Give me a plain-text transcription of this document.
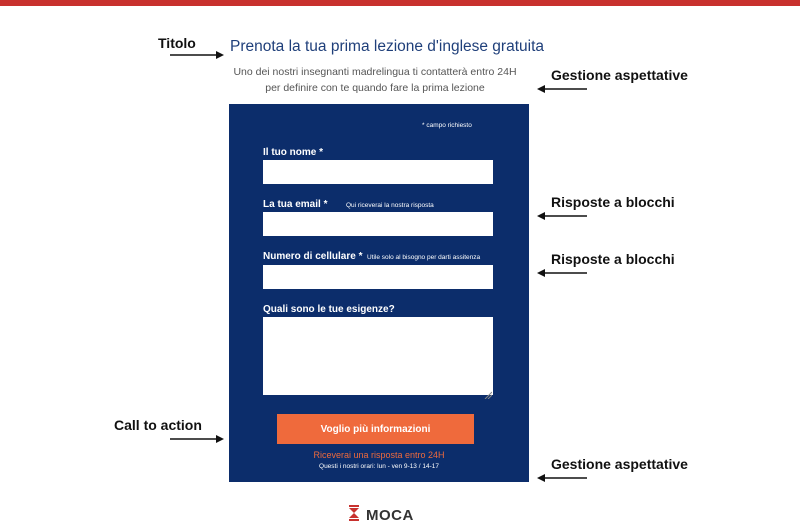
Titolo
Call to action
Gestione aspettative
Risposte a blocchi
Risposte a blocchi
Gestione aspettative
Prenota la tua prima lezione d'inglese gratuita
Uno dei nostri insegnanti madrelingua ti contatterà entro 24H per definire con te quando fare la prima lezione
* campo richiesto
Il tuo nome *
La tua email *	Qui riceverai la nostra risposta
Numero di cellulare * Utile solo al bisogno per darti assitenza
Quali sono le tue esigenze?
Voglio più informazioni
Riceverai una risposta entro 24H
Questi i nostri orari: lun - ven 9-13 / 14-17
MOCA
